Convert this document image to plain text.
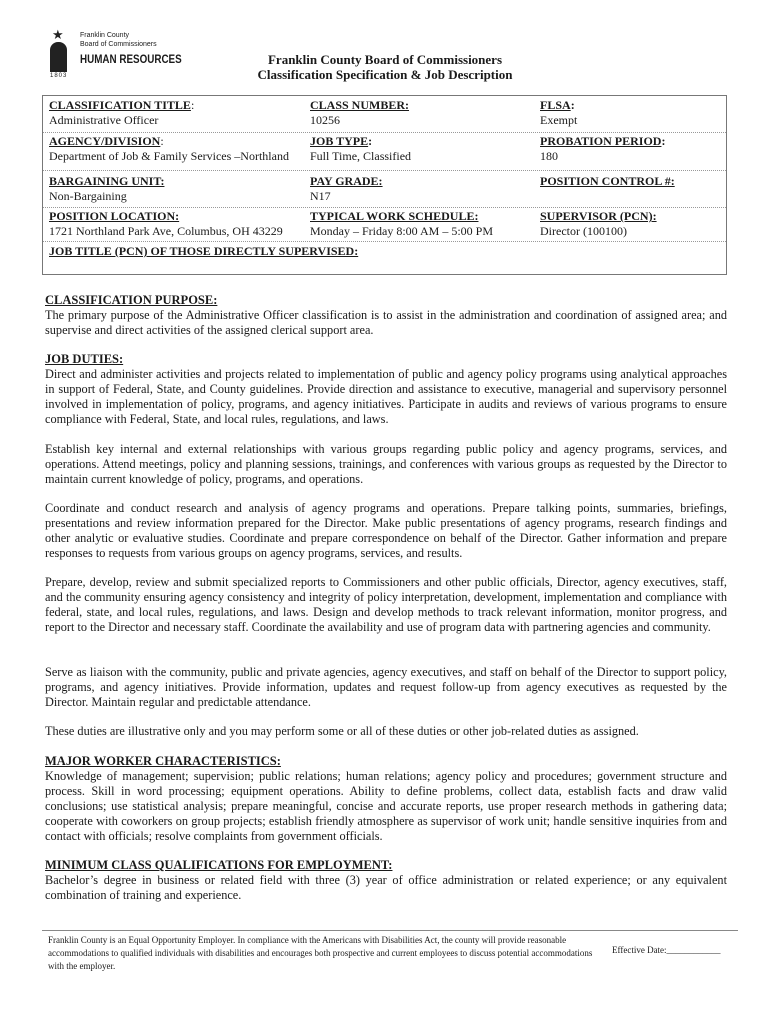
★
1803
Franklin County
Board of Commissioners
HUMAN RESOURCES	Franklin County Board of Commissioners
Classification Specification & Job Description
CLASSIFICATION TITLE:
Administrative Officer
CLASS NUMBER:
10256
FLSA:
Exempt
AGENCY/DIVISION:
Department of Job & Family Services –Northland
JOB TYPE:
Full Time, Classified
PROBATION PERIOD:
180
BARGAINING UNIT:
Non-Bargaining
PAY GRADE:
N17
POSITION CONTROL #:
POSITION LOCATION:
1721 Northland Park Ave, Columbus, OH 43229
TYPICAL WORK SCHEDULE:
Monday – Friday 8:00 AM – 5:00 PM
SUPERVISOR (PCN):
Director (100100)
JOB TITLE (PCN) OF THOSE DIRECTLY SUPERVISED:
CLASSIFICATION PURPOSE:
The primary purpose of the Administrative Officer classification is to assist in the administration and coordination of assigned area; and supervise and direct activities of the assigned clerical support area.
JOB DUTIES:
Direct and administer activities and projects related to implementation of public and agency policy programs using analytical approaches in support of Federal, State, and County guidelines. Provide direction and assistance to executive, managerial and supervisory personnel involved in implementation of policy, programs, and agency initiatives. Participate in audits and reviews of various programs to ensure compliance with Federal, State, and local rules, regulations, and laws.
Establish key internal and external relationships with various groups regarding public policy and agency programs, services, and operations. Attend meetings, policy and planning sessions, trainings, and conferences with various groups as requested by the Director to maintain current knowledge of policy, programs, and operations.
Coordinate and conduct research and analysis of agency programs and operations. Prepare talking points, summaries, briefings, presentations and review information prepared for the Director. Make public presentations of agency programs, research findings and other analytic or evaluative studies. Coordinate and prepare correspondence on behalf of the Director. Gather information and prepare responses to requests from various groups on agency programs, services, and results.
Prepare, develop, review and submit specialized reports to Commissioners and other public officials, Director, agency executives, staff, and the community ensuring agency consistency and integrity of policy interpretation, development, implementation and compliance with federal, state, and local rules, regulations, and laws. Design and develop methods to track relevant information, monitor progress, and report to the Director and necessary staff. Coordinate the availability and use of program data with partnering agencies and community.
Serve as liaison with the community, public and private agencies, agency executives, and staff on behalf of the Director to support policy, programs, and agency initiatives. Provide information, updates and request follow-up from agency executives as requested by the Director. Maintain regular and predictable attendance.
These duties are illustrative only and you may perform some or all of these duties or other job-related duties as assigned.
MAJOR WORKER CHARACTERISTICS:
Knowledge of management; supervision; public relations; human relations; agency policy and procedures; government structure and process. Skill in word processing; equipment operations. Ability to define problems, collect data, establish facts and draw valid conclusions; use statistical analysis; prepare meaningful, concise and accurate reports, use proper research methods in gathering data; cooperate with coworkers on group projects; establish friendly atmosphere as supervisor of work unit; handle sensitive inquiries from and contact with officials; resolve complaints from government officials.
MINIMUM CLASS QUALIFICATIONS FOR EMPLOYMENT:
Bachelor’s degree in business or related field with three (3) year of office administration or related experience; or any equivalent combination of training and experience.
Franklin County is an Equal Opportunity Employer. In compliance with the Americans with Disabilities Act, the county will provide reasonable accommodations to qualified individuals with disabilities and encourages both prospective and current employees to discuss potential accommodations with the employer.
Effective Date:____________
